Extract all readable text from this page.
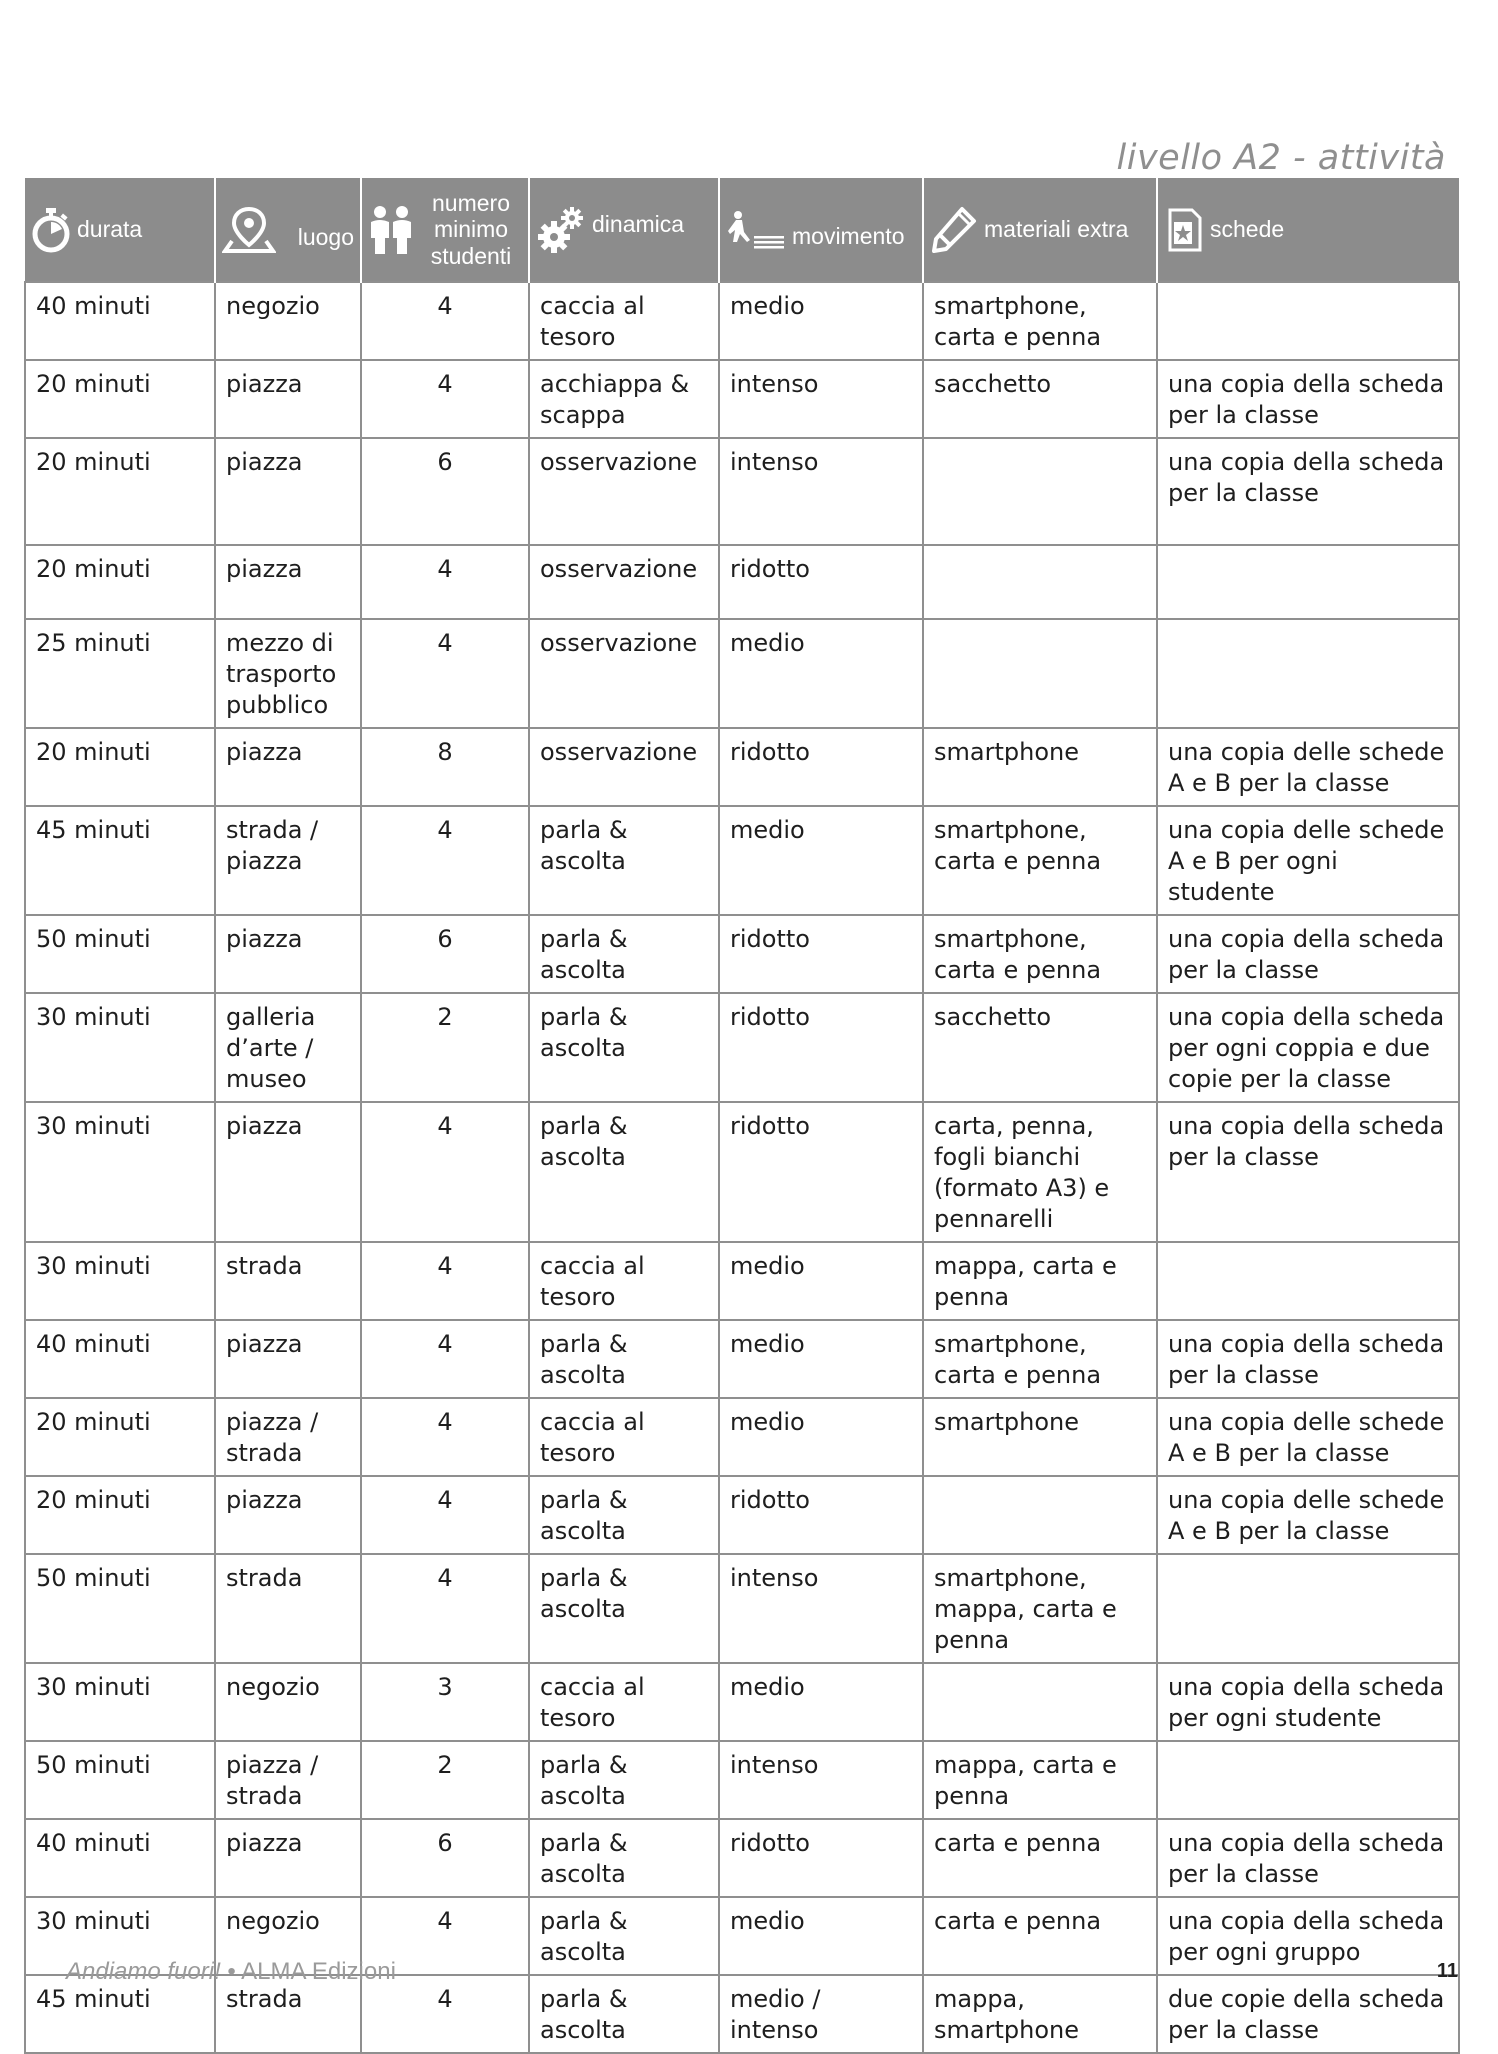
livello A2 - attività
durata	luogo	numero minimo studenti	dinamica	movimento	materiali extra	schede

40 minuti	negozio	4	caccia al tesoro	medio	smartphone, carta e penna	
20 minuti	piazza	4	acchiappa & scappa	intenso	sacchetto	una copia della scheda per la classe
20 minuti	piazza	6	osservazione	intenso		una copia della scheda per la classe
20 minuti	piazza	4	osservazione	ridotto		
25 minuti	mezzo di trasporto pubblico	4	osservazione	medio		
20 minuti	piazza	8	osservazione	ridotto	smartphone	una copia delle schede A e B per la classe
45 minuti	strada / piazza	4	parla & ascolta	medio	smartphone, carta e penna	una copia delle schede A e B per ogni studente
50 minuti	piazza	6	parla & ascolta	ridotto	smartphone, carta e penna	una copia della scheda per la classe
30 minuti	galleria d’arte / museo	2	parla & ascolta	ridotto	sacchetto	una copia della scheda per ogni coppia e due copie per la classe
30 minuti	piazza	4	parla & ascolta	ridotto	carta, penna, fogli bianchi (formato A3) e pennarelli	una copia della scheda per la classe
30 minuti	strada	4	caccia al tesoro	medio	mappa, carta e penna	
40 minuti	piazza	4	parla & ascolta	medio	smartphone, carta e penna	una copia della scheda per la classe
20 minuti	piazza / strada	4	caccia al tesoro	medio	smartphone	una copia delle schede A e B per la classe
20 minuti	piazza	4	parla & ascolta	ridotto		una copia delle schede A e B per la classe
50 minuti	strada	4	parla & ascolta	intenso	smartphone, mappa, carta e penna	
30 minuti	negozio	3	caccia al tesoro	medio		una copia della scheda per ogni studente
50 minuti	piazza / strada	2	parla & ascolta	intenso	mappa, carta e penna	
40 minuti	piazza	6	parla & ascolta	ridotto	carta e penna	una copia della scheda per la classe
30 minuti	negozio	4	parla & ascolta	medio	carta e penna	una copia della scheda per ogni gruppo
45 minuti	strada	4	parla & ascolta	medio / intenso	mappa, smartphone	due copie della scheda per la classe
Andiamo fuori! • ALMA Edizioni	11
